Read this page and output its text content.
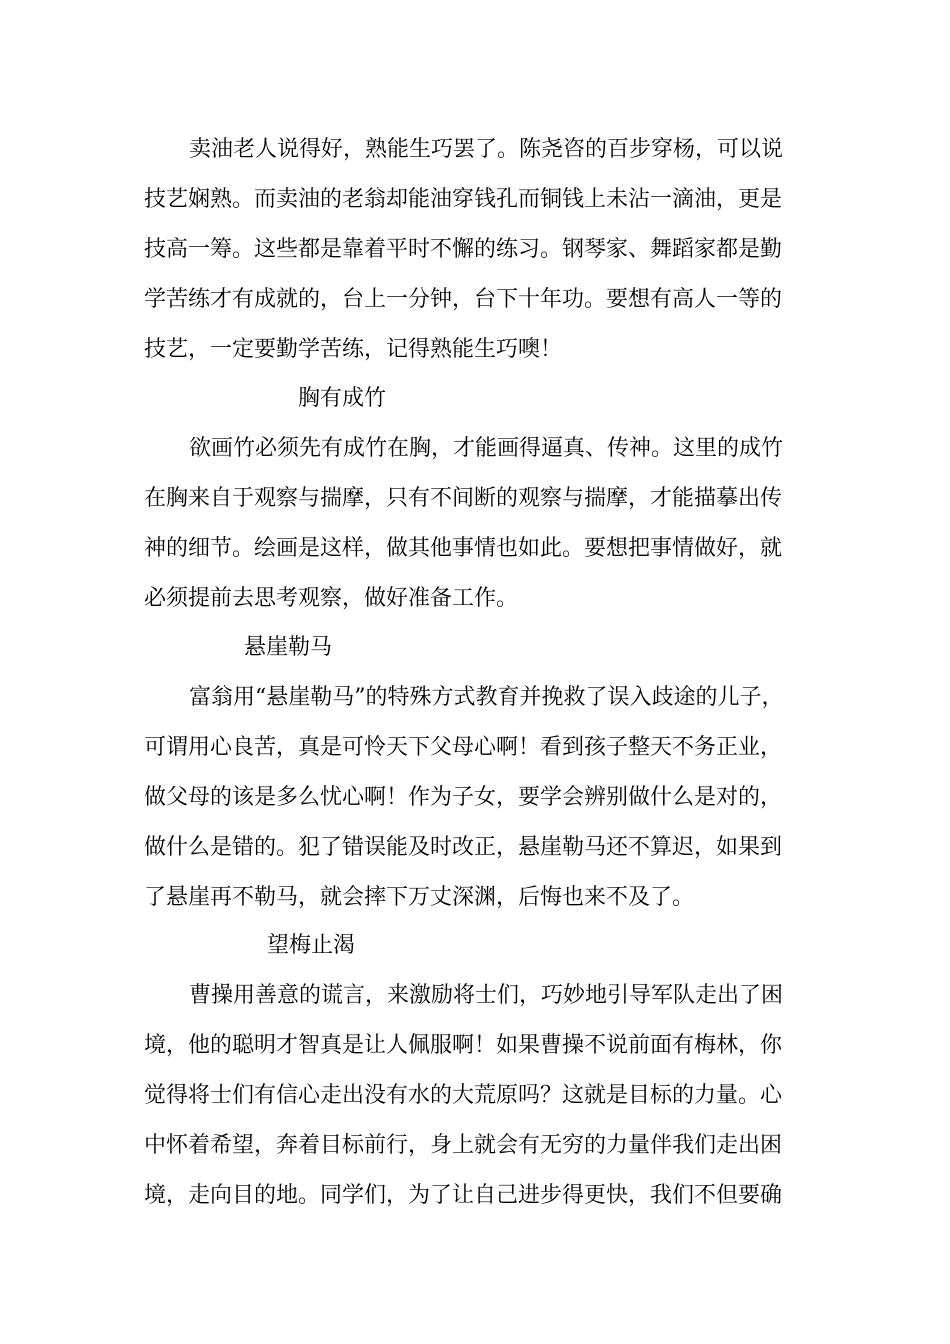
卖油老人说得好，熟能生巧罢了。陈尧咨的百步穿杨，可以说
技艺娴熟。而卖油的老翁却能油穿钱孔而铜钱上未沾一滴油，更是
技高一筹。这些都是靠着平时不懈的练习。钢琴家、舞蹈家都是勤
学苦练才有成就的，台上一分钟，台下十年功。要想有高人一等的
技艺，一定要勤学苦练，记得熟能生巧噢！
胸有成竹
欲画竹必须先有成竹在胸，才能画得逼真、传神。这里的成竹
在胸来自于观察与揣摩，只有不间断的观察与揣摩，才能描摹出传
神的细节。绘画是这样，做其他事情也如此。要想把事情做好，就
必须提前去思考观察，做好准备工作。
悬崖勒马
富翁用“悬崖勒马”的特殊方式教育并挽救了误入歧途的儿子，
可谓用心良苦，真是可怜天下父母心啊！看到孩子整天不务正业，
做父母的该是多么忧心啊！作为子女，要学会辨别做什么是对的，
做什么是错的。犯了错误能及时改正，悬崖勒马还不算迟，如果到
了悬崖再不勒马，就会摔下万丈深渊，后悔也来不及了。
望梅止渴
曹操用善意的谎言，来激励将士们，巧妙地引导军队走出了困
境，他的聪明才智真是让人佩服啊！如果曹操不说前面有梅林，你
觉得将士们有信心走出没有水的大荒原吗？这就是目标的力量。心
中怀着希望，奔着目标前行，身上就会有无穷的力量伴我们走出困
境，走向目的地。同学们，为了让自己进步得更快，我们不但要确
